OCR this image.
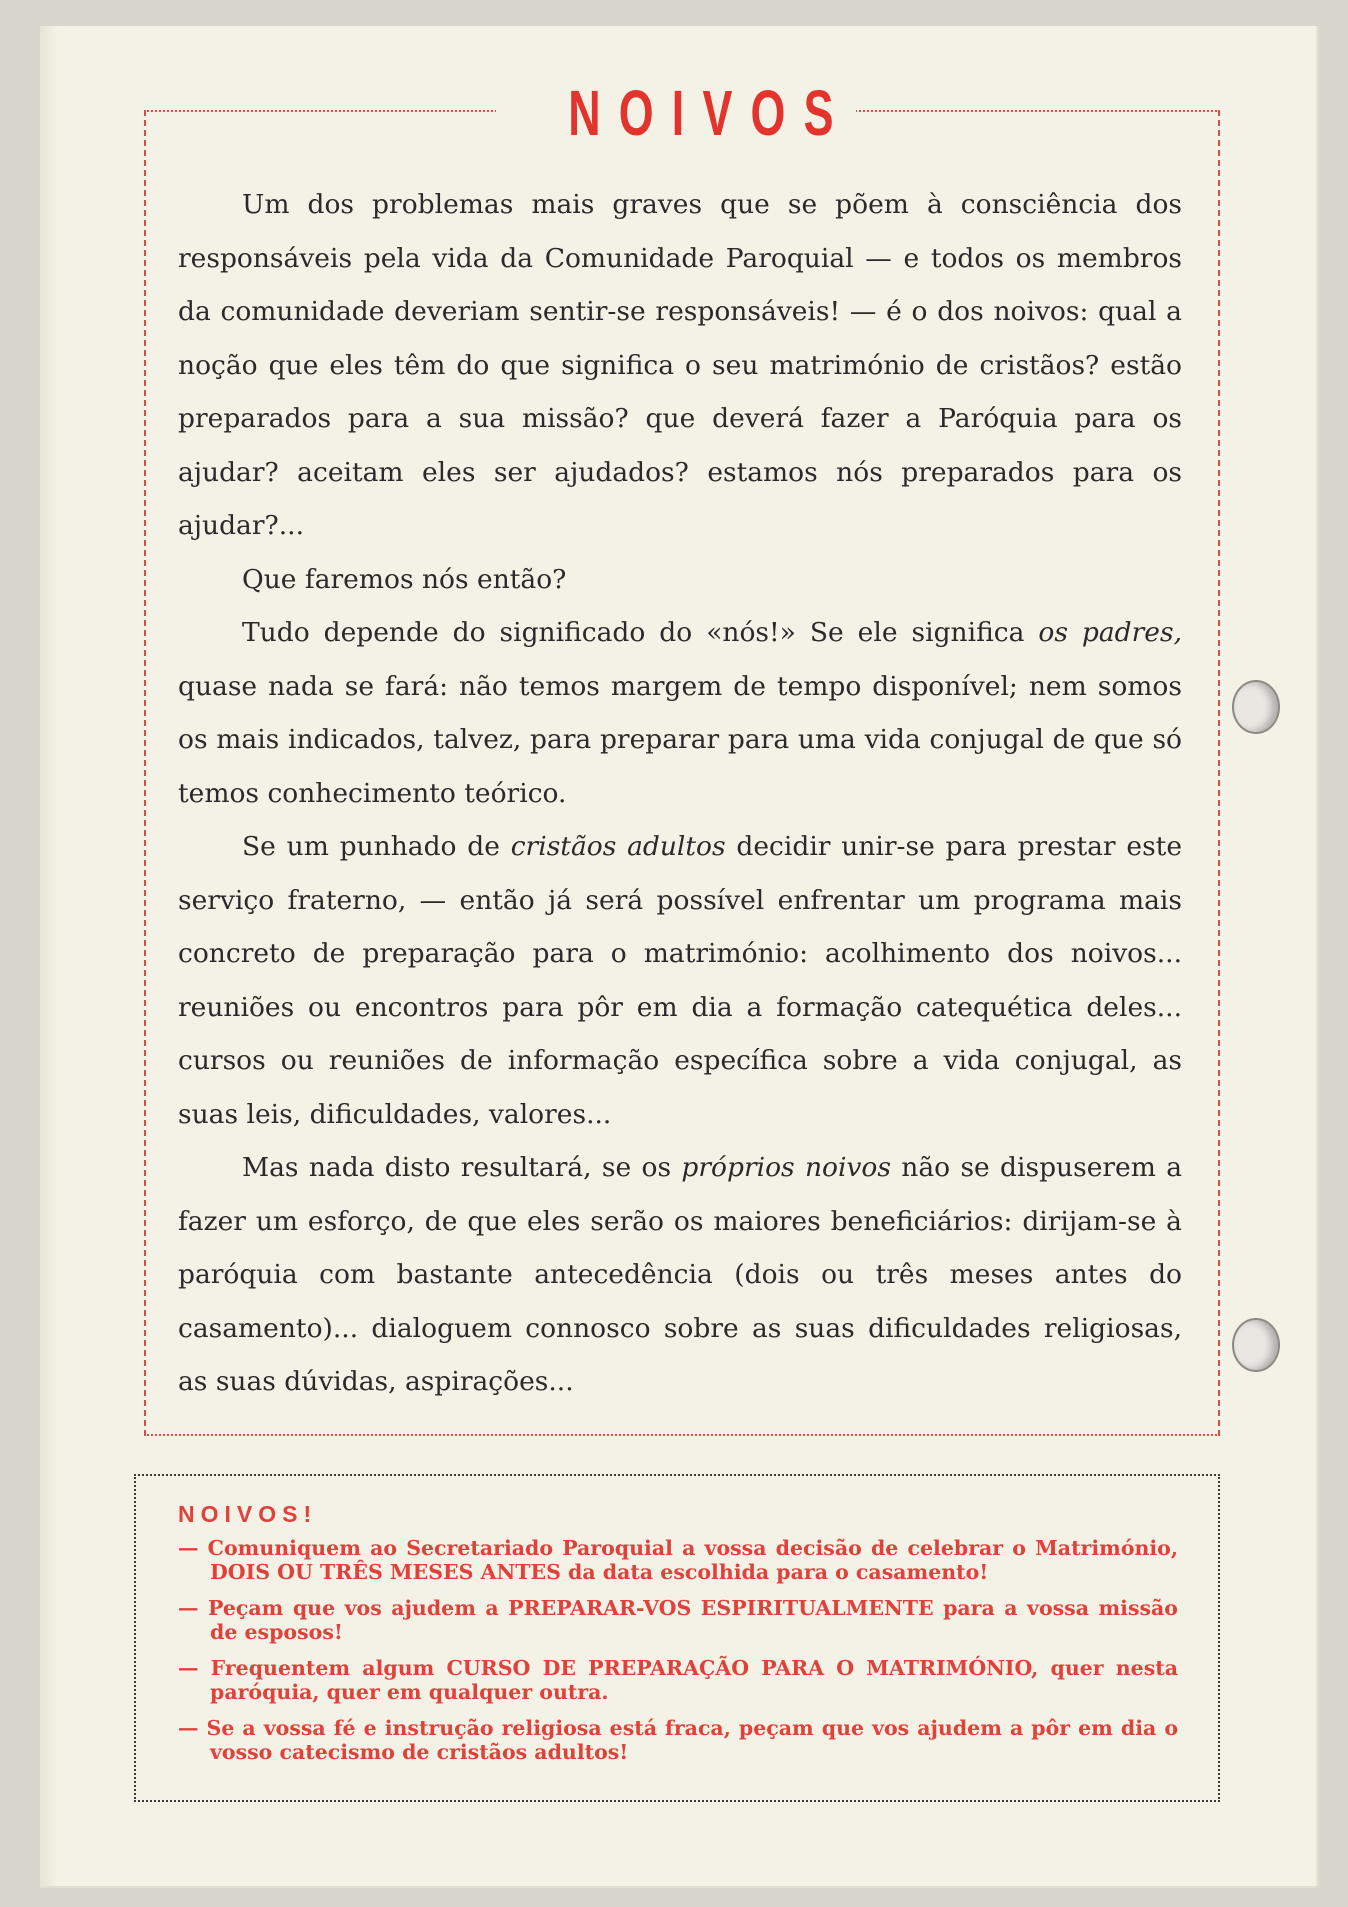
NOIVOS

Um dos problemas mais graves que se põem à consciência dos responsáveis pela vida da Comunidade Paroquial — e todos os membros da comunidade deveriam sentir-se responsáveis! — é o dos noivos: qual a noção que eles têm do que significa o seu matrimónio de cristãos? estão preparados para a sua missão? que deverá fazer a Paróquia para os ajudar? aceitam eles ser ajudados? estamos nós preparados para os ajudar?...

Que faremos nós então?

Tudo depende do significado do «nós!» Se ele significa os padres, quase nada se fará: não temos margem de tempo disponível; nem somos os mais indicados, talvez, para preparar para uma vida conjugal de que só temos conhecimento teórico.

Se um punhado de cristãos adultos decidir unir-se para prestar este serviço fraterno, — então já será possível enfrentar um programa mais concreto de preparação para o matrimónio: acolhimento dos noivos... reuniões ou encontros para pôr em dia a formação catequética deles... cursos ou reuniões de informação específica sobre a vida conjugal, as suas leis, dificuldades, valores...

Mas nada disto resultará, se os próprios noivos não se dispuserem a fazer um esforço, de que eles serão os maiores beneficiários: dirijam-se à paróquia com bastante antecedência (dois ou três meses antes do casamento)... dialoguem connosco sobre as suas dificuldades religiosas, as suas dúvidas, aspirações...

NOIVOS!

— Comuniquem ao Secretariado Paroquial a vossa decisão de celebrar o Matrimónio, DOIS OU TRÊS MESES ANTES da data escolhida para o casamento!

— Peçam que vos ajudem a PREPARAR-VOS ESPIRITUALMENTE para a vossa missão de esposos!

— Frequentem algum CURSO DE PREPARAÇÃO PARA O MATRIMÓNIO, quer nesta paróquia, quer em qualquer outra.

— Se a vossa fé e instrução religiosa está fraca, peçam que vos ajudem a pôr em dia o vosso catecismo de cristãos adultos!
